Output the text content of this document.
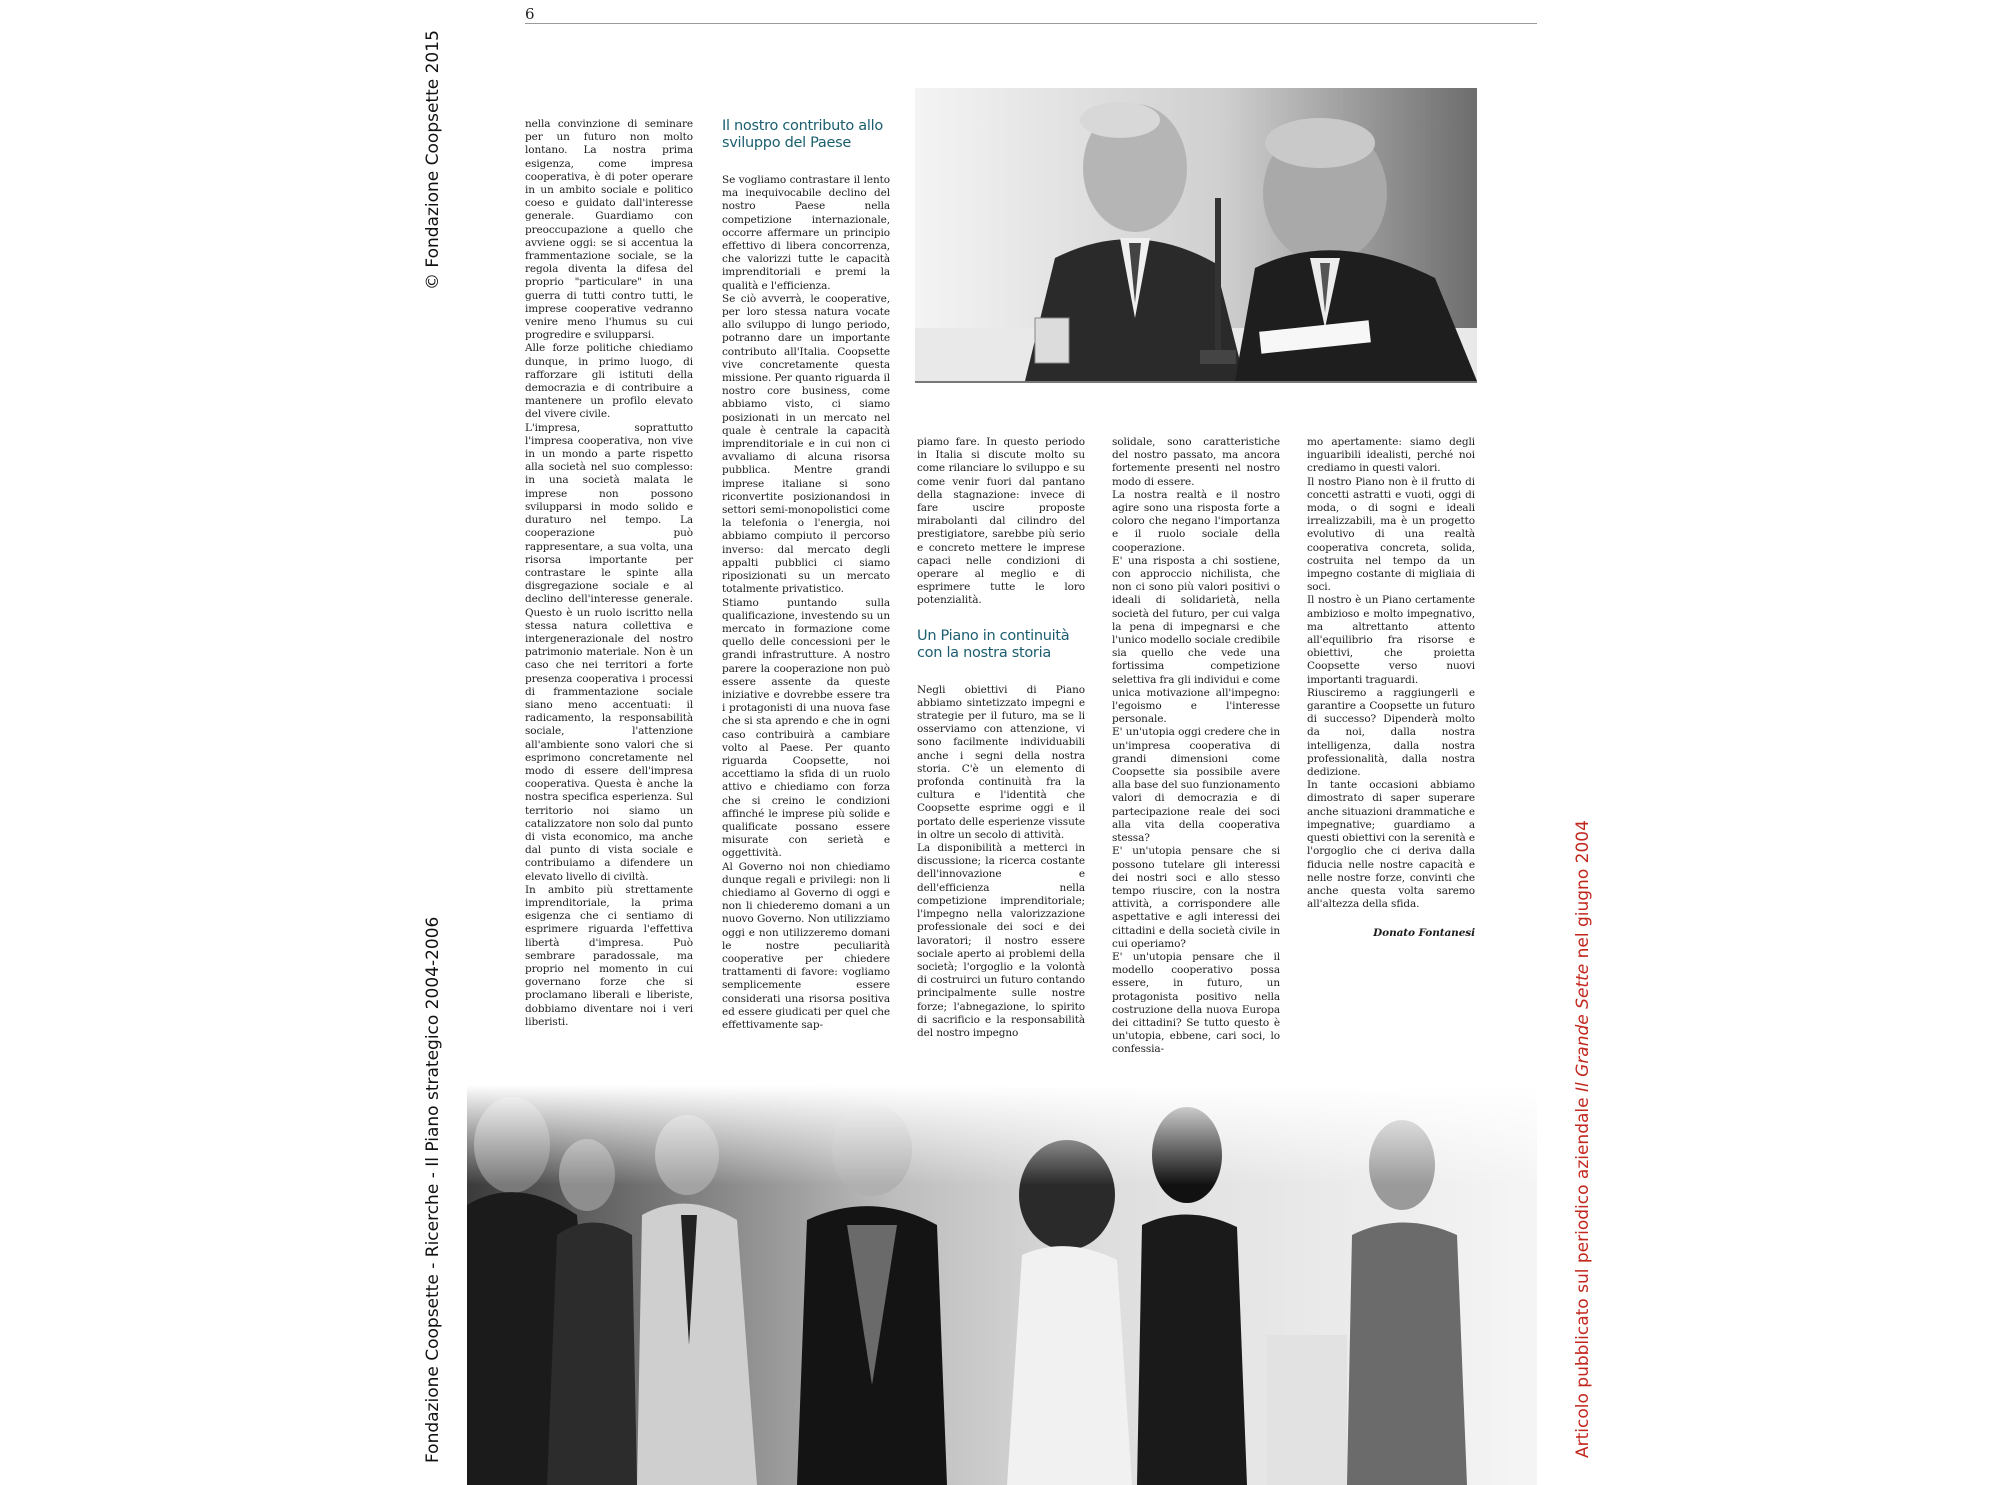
© Fondazione Coopsette 2015
Fondazione Coopsette - Ricerche - Il Piano strategico 2004-2006	Articolo pubblicato sul periodico aziendale Il Grande Sette nel giugno 2004
6

nella convinzione di seminare per un futuro non molto lontano. La nostra prima esigenza, come impresa cooperativa, è di poter operare in un ambito sociale e politico coeso e guidato dall'interesse generale. Guardiamo con preoccupazione a quello che avviene oggi: se si accentua la frammentazione sociale, se la regola diventa la difesa del proprio "particulare" in una guerra di tutti contro tutti, le imprese cooperative vedranno venire meno l'humus su cui progredire e svilupparsi.

Alle forze politiche chiediamo dunque, in primo luogo, di rafforzare gli istituti della democrazia e di contribuire a mantenere un profilo elevato del vivere civile.

L'impresa, soprattutto l'impresa cooperativa, non vive in un mondo a parte rispetto alla società nel suo complesso: in una società malata le imprese non possono svilupparsi in modo solido e duraturo nel tempo. La cooperazione può rappresentare, a sua volta, una risorsa importante per contrastare le spinte alla disgregazione sociale e al declino dell'interesse generale. Questo è un ruolo iscritto nella stessa natura collettiva e intergenerazionale del nostro patrimonio materiale. Non è un caso che nei territori a forte presenza cooperativa i processi di frammentazione sociale siano meno accentuati: il radicamento, la responsabilità sociale, l'attenzione all'ambiente sono valori che si esprimono concretamente nel modo di essere dell'impresa cooperativa. Questa è anche la nostra specifica esperienza. Sul territorio noi siamo un catalizzatore non solo dal punto di vista economico, ma anche dal punto di vista sociale e contribuiamo a difendere un elevato livello di civiltà.

In ambito più strettamente imprenditoriale, la prima esigenza che ci sentiamo di esprimere riguarda l'effettiva libertà d'impresa. Può sembrare paradossale, ma proprio nel momento in cui governano forze che si proclamano liberali e liberiste, dobbiamo diventare noi i veri liberisti.

Il nostro contributo allo sviluppo del Paese

Se vogliamo contrastare il lento ma inequivocabile declino del nostro Paese nella competizione internazionale, occorre affermare un principio effettivo di libera concorrenza, che valorizzi tutte le capacità imprenditoriali e premi la qualità e l'efficienza.

Se ciò avverrà, le cooperative, per loro stessa natura vocate allo sviluppo di lungo periodo, potranno dare un importante contributo all'Italia. Coopsette vive concretamente questa missione. Per quanto riguarda il nostro core business, come abbiamo visto, ci siamo posizionati in un mercato nel quale è centrale la capacità imprenditoriale e in cui non ci avvaliamo di alcuna risorsa pubblica. Mentre grandi imprese italiane si sono riconvertite posizionandosi in settori semi-monopolistici come la telefonia o l'energia, noi abbiamo compiuto il percorso inverso: dal mercato degli appalti pubblici ci siamo riposizionati su un mercato totalmente privatistico.

Stiamo puntando sulla qualificazione, investendo su un mercato in formazione come quello delle concessioni per le grandi infrastrutture. A nostro parere la cooperazione non può essere assente da queste iniziative e dovrebbe essere tra i protagonisti di una nuova fase che si sta aprendo e che in ogni caso contribuirà a cambiare volto al Paese. Per quanto riguarda Coopsette, noi accettiamo la sfida di un ruolo attivo e chiediamo con forza che si creino le condizioni affinché le imprese più solide e qualificate possano essere misurate con serietà e oggettività.

Al Governo noi non chiediamo dunque regali e privilegi: non li chiediamo al Governo di oggi e non li chiederemo domani a un nuovo Governo. Non utilizziamo oggi e non utilizzeremo domani le nostre peculiarità cooperative per chiedere trattamenti di favore: vogliamo semplicemente essere considerati una risorsa positiva ed essere giudicati per quel che effettivamente sap-

piamo fare. In questo periodo in Italia si discute molto su come rilanciare lo sviluppo e su come venir fuori dal pantano della stagnazione: invece di fare uscire proposte mirabolanti dal cilindro del prestigiatore, sarebbe più serio e concreto mettere le imprese capaci nelle condizioni di operare al meglio e di esprimere tutte le loro potenzialità.

Un Piano in continuità con la nostra storia

Negli obiettivi di Piano abbiamo sintetizzato impegni e strategie per il futuro, ma se li osserviamo con attenzione, vi sono facilmente individuabili anche i segni della nostra storia. C'è un elemento di profonda continuità fra la cultura e l'identità che Coopsette esprime oggi e il portato delle esperienze vissute in oltre un secolo di attività.

La disponibilità a metterci in discussione; la ricerca costante dell'innovazione e dell'efficienza nella competizione imprenditoriale; l'impegno nella valorizzazione professionale dei soci e dei lavoratori; il nostro essere sociale aperto ai problemi della società; l'orgoglio e la volontà di costruirci un futuro contando principalmente sulle nostre forze; l'abnegazione, lo spirito di sacrificio e la responsabilità del nostro impegno

solidale, sono caratteristiche del nostro passato, ma ancora fortemente presenti nel nostro modo di essere.

La nostra realtà e il nostro agire sono una risposta forte a coloro che negano l'importanza e il ruolo sociale della cooperazione.

E' una risposta a chi sostiene, con approccio nichilista, che non ci sono più valori positivi o ideali di solidarietà, nella società del futuro, per cui valga la pena di impegnarsi e che l'unico modello sociale credibile sia quello che vede una fortissima competizione selettiva fra gli individui e come unica motivazione all'impegno: l'egoismo e l'interesse personale.

E' un'utopia oggi credere che in un'impresa cooperativa di grandi dimensioni come Coopsette sia possibile avere alla base del suo funzionamento valori di democrazia e di partecipazione reale dei soci alla vita della cooperativa stessa?

E' un'utopia pensare che si possono tutelare gli interessi dei nostri soci e allo stesso tempo riuscire, con la nostra attività, a corrispondere alle aspettative e agli interessi dei cittadini e della società civile in cui operiamo?

E' un'utopia pensare che il modello cooperativo possa essere, in futuro, un protagonista positivo nella costruzione della nuova Europa dei cittadini? Se tutto questo è un'utopia, ebbene, cari soci, lo confessia-

mo apertamente: siamo degli inguaribili idealisti, perché noi crediamo in questi valori.

Il nostro Piano non è il frutto di concetti astratti e vuoti, oggi di moda, o di sogni e ideali irrealizzabili, ma è un progetto evolutivo di una realtà cooperativa concreta, solida, costruita nel tempo da un impegno costante di migliaia di soci.

Il nostro è un Piano certamente ambizioso e molto impegnativo, ma altrettanto attento all'equilibrio fra risorse e obiettivi, che proietta Coopsette verso nuovi importanti traguardi.

Riusciremo a raggiungerli e garantire a Coopsette un futuro di successo? Dipenderà molto da noi, dalla nostra intelligenza, dalla nostra professionalità, dalla nostra dedizione.

In tante occasioni abbiamo dimostrato di saper superare anche situazioni drammatiche e impegnative; guardiamo a questi obiettivi con la serenità e l'orgoglio che ci deriva dalla fiducia nelle nostre capacità e nelle nostre forze, convinti che anche questa volta saremo all'altezza della sfida.

Donato Fontanesi
